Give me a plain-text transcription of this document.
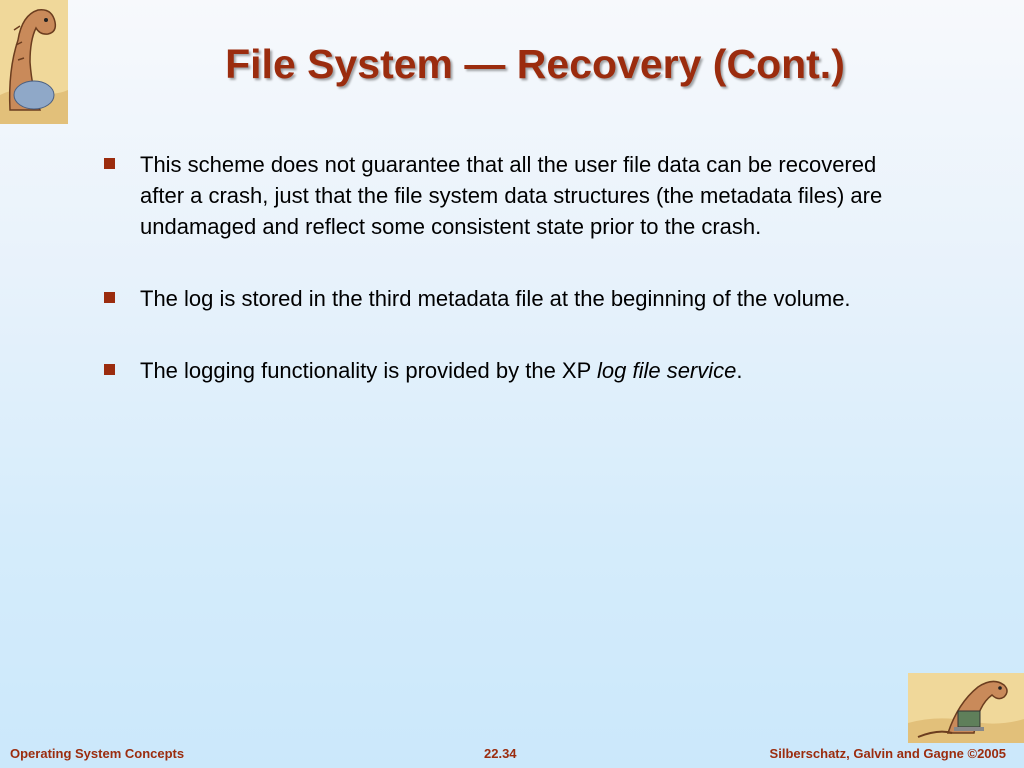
File System — Recovery (Cont.)
This scheme does not guarantee that all the user file data can be recovered after a crash, just that the file system data structures (the metadata files) are undamaged and reflect some consistent state prior to the crash.
The log is stored in the third metadata file at the beginning of the volume.
The logging functionality is provided by the XP log file service.
Operating System Concepts	22.34	Silberschatz, Galvin and Gagne ©2005
